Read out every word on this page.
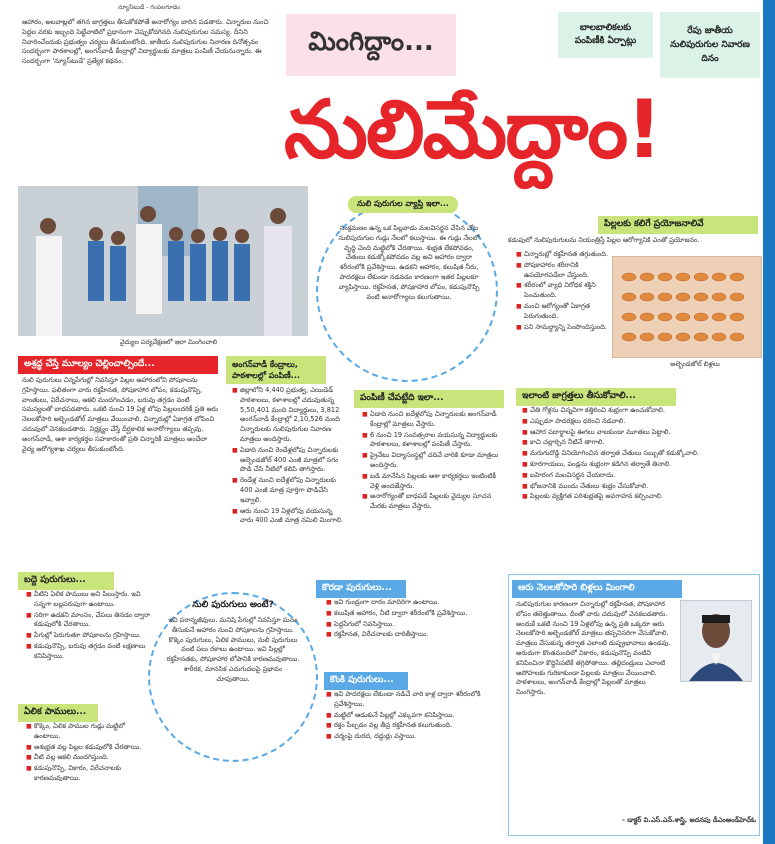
న్యూస్‌టుడే - గంపలగూడెం
ఆహారం, అలవాట్లలో తగిన జాగ్రత్తలు తీసుకోకపోతే అనారోగ్యం బారిన పడతారు. చిన్నారుల నుంచి పెద్దల వరకు ఇబ్బంది పెట్టేవాటిలో ప్రధానంగా చెప్పుకోదగినది నులిపురుగుల సమస్య. దీనిని నివారించేందుకు ప్రభుత్వం చర్యలు తీసుకుంటోంది. జాతీయ నులిపురుగుల నివారణ దినోత్సవం సందర్భంగా పాఠశాలల్లో, అంగన్‌వాడీ కేంద్రాల్లో విద్యార్థులకు మాత్రలు పంపిణీ చేయనున్నారు. ఈ సందర్భంగా 'న్యూస్‌టుడే' ప్రత్యేక కథనం.
మింగిద్దాం...	బాలబాలికలకు పంపిణీకి ఏర్పాట్లు
రేపు జాతీయ నులిపురుగుల నివారణ దినం
నులిమేద్దాం!
వైద్యుల పర్యవేక్షణలో ఇలా మింగించాలి
నులి పురుగుల వ్యాప్తి ఇలా...
సంక్రమణం ఉన్న ఒక పిల్లవాడు మలవిసర్జన చేసిన చోట నులిపురుగుల గుడ్లు నేలలో కలుస్తాయి. ఈ గుడ్లు నేలలో వృద్ధి చెంది మట్టిలోకి చేరతాయి. శుభ్రత లేకపోవడం, చేతులు కడుక్కోకపోవడం వల్ల అవి ఆహారం ద్వారా శరీరంలోకి ప్రవేశిస్తాయి. ఉడకని ఆహారం, కలుషిత నీరు, పాదరక్షలు లేకుండా నడవడం కారణంగా ఇతర పిల్లలకూ వ్యాపిస్తాయి. రక్తహీనత, పోషకాహార లోపం, కడుపునొప్పి వంటి అనారోగ్యాలు కలుగుతాయి.
పిల్లలకు కలిగే ప్రయోజనాలివే
కడుపులో నులిపురుగులను నియంత్రిస్తే పిల్లల ఆరోగ్యానికి ఎంతో ప్రయోజనం.
■ చిన్నారుల్లో రక్తహీనత తగ్గుతుంది.
■ పోషకాహారం శరీరానికి ఉపయోగపడేలా చేస్తుంది.
■ శరీరంలో వ్యాధి నిరోధక శక్తిని పెంచుతుంది.
■ మంచి ఆరోగ్యంతో ఏకాగ్రత పెరుగుతుంది.
■ పని సామర్థ్యాన్ని పెంపొందిస్తుంది.
అల్బెండజోల్ బిళ్లలు
అశ్రద్ధ చేస్తే మూల్యం చెల్లించాల్సిందే...
నులి పురుగులు చిన్నపేగుల్లో నివసిస్తూ పిల్లల ఆహారంలోని పోషకాలను గ్రహిస్తాయి. ఫలితంగా వారు రక్తహీనత, పోషకాహార లోపం, కడుపునొప్పి, వాంతులు, విరేచనాలు, ఆకలి మందగించడం, బరువు తగ్గడం వంటి సమస్యలతో బాధపడతారు. ఒకటి నుంచి 19 ఏళ్ల లోపు పిల్లలందరికీ ప్రతి ఆరు నెలలకోసారి అల్బెండజోల్ మాత్రలు వేయించాలి. చిన్నారుల్లో ఏకాగ్రత లోపించి చదువులో వెనకబడతారు. నిర్లక్ష్యం చేస్తే దీర్ఘకాలిక అనారోగ్యాలు తప్పవు. అంగన్‌వాడీ, ఆశా కార్యకర్తల సహకారంతో ప్రతి చిన్నారికీ మాత్రలు అందేలా వైద్య ఆరోగ్యశాఖ చర్యలు తీసుకుంటోంది.
అంగన్‌వాడీ కేంద్రాలు, పాఠశాలల్లో పంపిణీ...
■ జిల్లాలోని 4,440 ప్రభుత్వ, ఎయిడెడ్ పాఠశాలలు, కళాశాలల్లో చదువుతున్న 5,50,401 మంది విద్యార్థులు, 3,812 అంగన్‌వాడీ కేంద్రాల్లో 2,10,526 మంది చిన్నారులకు నులిపురుగుల నివారణ మాత్రలు అందిస్తారు.
■ ఏడాది నుంచి రెండేళ్లలోపు చిన్నారులకు అల్బెండజోల్ 400 ఎంజీ మాత్రలో సగం పొడి చేసి నీటిలో కలిపి తాగిస్తారు.
■ రెండేళ్ల నుంచి ఐదేళ్లలోపు చిన్నారులకు 400 ఎంజీ మాత్ర పూర్తిగా పొడిచేసి ఇవ్వాలి.
■ ఆరు నుంచి 19 ఏళ్లలోపు వయసున్న వారు 400 ఎంజీ మాత్ర నమిలి మింగాలి.
పంపిణీ చేపట్టేది ఇలా...
■ ఏడాది నుంచి ఐదేళ్లలోపు చిన్నారులకు అంగన్‌వాడీ కేంద్రాల్లో మాత్రలు వేస్తారు.
■ 6 నుంచి 19 సంవత్సరాల వయసున్న విద్యార్థులకు పాఠశాలలు, కళాశాలల్లో పంపిణీ చేస్తారు.
■ ప్రైవేటు విద్యాసంస్థల్లో చదివే వారికి కూడా మాత్రలు అందిస్తారు.
■ బడి మానేసిన పిల్లలకు ఆశా కార్యకర్తలు ఇంటింటికీ వెళ్లి అందజేస్తారు.
■ అనారోగ్యంతో బాధపడే పిల్లలకు వైద్యుల సూచన మేరకు మాత్రలు వేస్తారు.
ఇలాంటి జాగ్రత్తలు తీసుకోవాలి...
■ చేతి గోళ్లను చిన్నవిగా కత్తిరించి శుభ్రంగా ఉంచుకోవాలి.
■ ఎప్పుడూ పాదరక్షలు ధరించి నడవాలి.
■ ఆహార పదార్థాలపై ఈగలు వాలకుండా మూతలు పెట్టాలి.
■ కాచి చల్లార్చిన నీటినే తాగాలి.
■ మరుగుదొడ్డి వినియోగించిన తర్వాత చేతులు సబ్బుతో కడుక్కోవాలి.
■ కూరగాయలు, పండ్లను శుభ్రంగా కడిగిన తర్వాతే తినాలి.
■ బహిరంగ మలవిసర్జన చేయరాదు.
■ భోజనానికి ముందు చేతులు శుభ్రం చేసుకోవాలి.
■ పిల్లలకు వ్యక్తిగత పరిశుభ్రతపై అవగాహన కల్పించాలి.
బద్దె పురుగులు...
■ వీటిని ఏలిక పాములు అని పిలుస్తారు. ఇవి సన్నగా బల్లపరుపుగా ఉంటాయి.
■ సరిగా ఉడకని మాంసం, చేపలు తినడం ద్వారా కడుపులోకి చేరతాయి.
■ పేగుల్లో పెరుగుతూ పోషకాలను గ్రహిస్తాయి.
■ కడుపునొప్పి, బరువు తగ్గడం వంటి లక్షణాలు కనిపిస్తాయి.
ఏలిక పాములు...
■ కొక్కెం, ఏలిక పాముల గుడ్లు మట్టిలో ఉంటాయి.
■ అశుభ్రత వల్ల పిల్లల కడుపులోకి చేరతాయి.
■ వీటి వల్ల ఆకలి మందగిస్తుంది.
■ కడుపునొప్పి, వికారం, విరేచనాలకు కారణమవుతాయి.
నులి పురుగులు అంటే?
ఇవి పరాన్నజీవులు. మనిషి పేగుల్లో నివసిస్తూ మనం తీసుకునే ఆహారం నుంచి పోషకాలను గ్రహిస్తాయి. కొక్కెం పురుగులు, ఏలిక పాములు, నులి పురుగులు వంటి పలు రకాలు ఉంటాయి. ఇవి పిల్లల్లో రక్తహీనతకు, పోషకాహార లోపానికి కారణమవుతాయి. శారీరక, మానసిక ఎదుగుదలపై ప్రభావం చూపుతాయి.
కొరడా పురుగులు...
■ ఇవి గుండ్రంగా దారం మాదిరిగా ఉంటాయి.
■ కలుషిత ఆహారం, నీటి ద్వారా శరీరంలోకి ప్రవేశిస్తాయి.
■ పెద్దపేగులో నివసిస్తాయి.
■ రక్తహీనత, విరేచనాలకు దారితీస్తాయి.
కొంకి పురుగులు...
■ ఇవి పాదరక్షలు లేకుండా నడిచే వారి కాళ్ల ద్వారా శరీరంలోకి ప్రవేశిస్తాయి.
■ మట్టిలో ఆడుకునే పిల్లల్లో ఎక్కువగా కనిపిస్తాయి.
■ రక్తం పీల్చడం వల్ల తీవ్ర రక్తహీనత కలుగుతుంది.
■ చర్మంపై దురద, దద్దుర్లు వస్తాయి.
ఆరు నెలలకోసారి బిళ్లలు మింగాలి
నులిపురుగుల కారణంగా చిన్నారుల్లో రక్తహీనత, పోషకాహార లోపం తలెత్తుతాయి. దీంతో వారు చదువులో వెనకబడతారు. అందుకే ఒకటి నుంచి 19 ఏళ్లలోపు ఉన్న ప్రతి ఒక్కరూ ఆరు నెలలకోసారి అల్బెండజోల్ మాత్రలు తప్పనిసరిగా వేసుకోవాలి. మాత్రలు వేసుకున్న తర్వాత ఎలాంటి దుష్ప్రభావాలు ఉండవు. అరుదుగా కొంతమందిలో వికారం, కడుపునొప్పి వంటివి కనిపించినా కొద్దిసేపటికే తగ్గిపోతాయి. తల్లిదండ్రులు ఎలాంటి అపోహలకు గురికాకుండా పిల్లలకు మాత్రలు వేయించాలి. పాఠశాలలు, అంగన్‌వాడీ కేంద్రాల్లో పిల్లలతో మాత్రలు మింగిస్తారు.
- డాక్టర్ వి.ఎస్.ఎన్.శాస్త్రి, అదనపు డీఎంఅండ్‌హెచ్‌ఓ
